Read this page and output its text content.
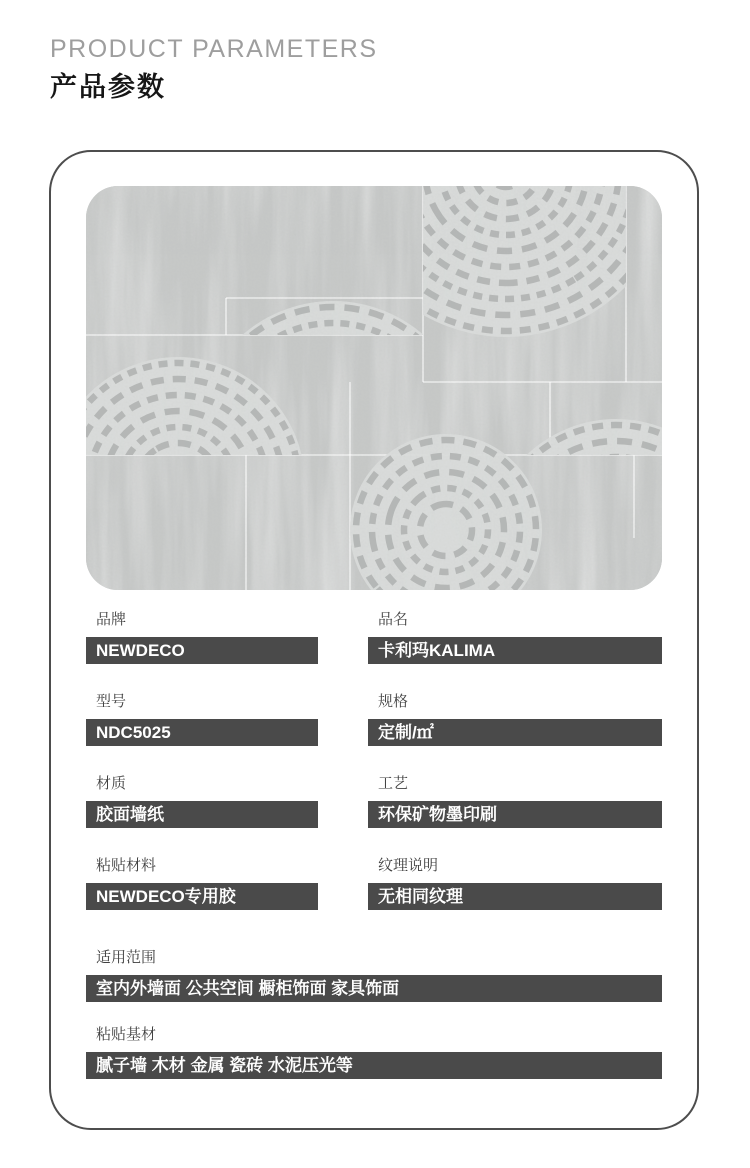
PRODUCT PARAMETERS
产品参数
品牌
NEWDECO
品名
卡利玛KALIMA
型号
NDC5025
规格
定制/㎡
材质
胶面墙纸
工艺
环保矿物墨印刷
粘贴材料
NEWDECO专用胶
纹理说明
无相同纹理
适用范围
室内外墙面 公共空间 橱柜饰面 家具饰面
粘贴基材
腻子墙 木材 金属 瓷砖 水泥压光等
